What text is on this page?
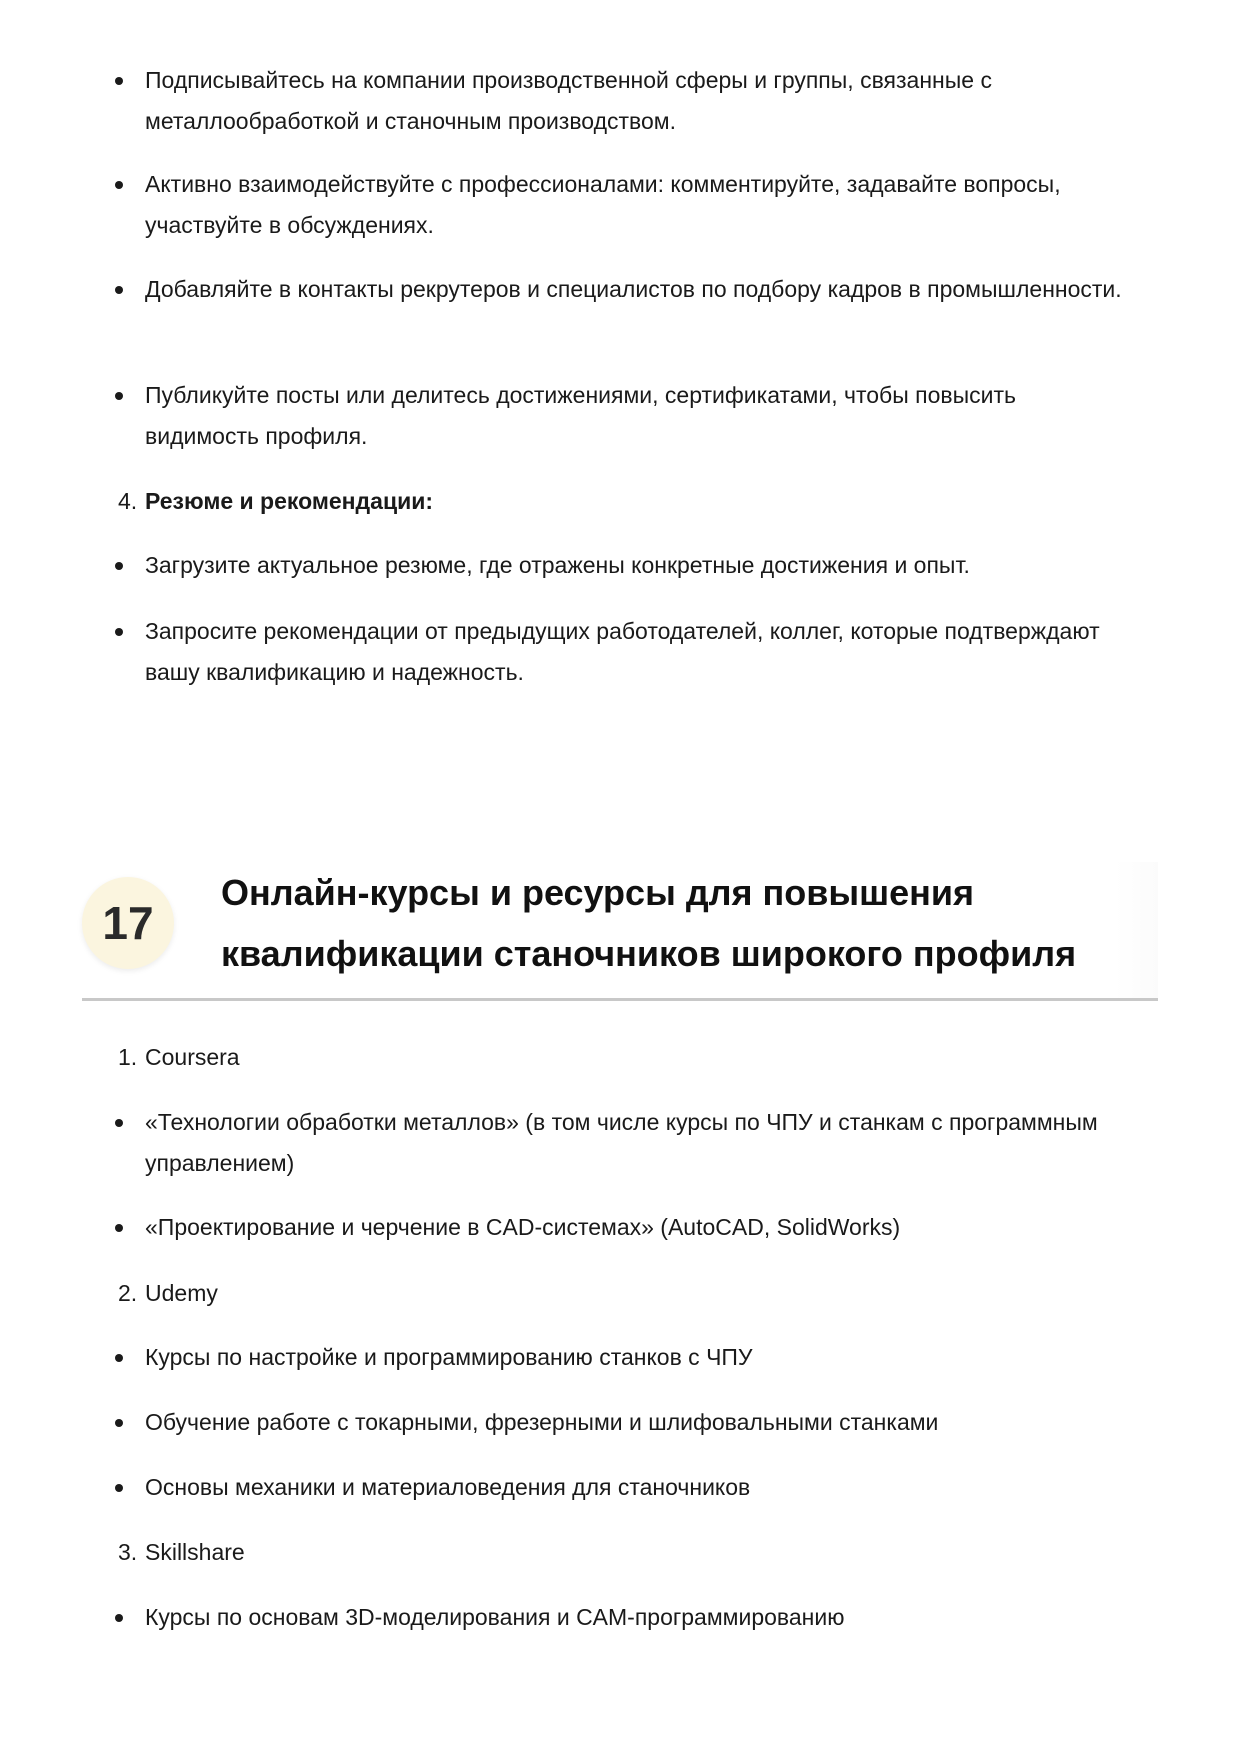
Подписывайтесь на компании производственной сферы и группы, связанные с металлообработкой и станочным производством.
Активно взаимодействуйте с профессионалами: комментируйте, задавайте вопросы, участвуйте в обсуждениях.
Добавляйте в контакты рекрутеров и специалистов по подбору кадров в промышленности.
Публикуйте посты или делитесь достижениями, сертификатами, чтобы повысить видимость профиля.
4. Резюме и рекомендации:
Загрузите актуальное резюме, где отражены конкретные достижения и опыт.
Запросите рекомендации от предыдущих работодателей, коллег, которые подтверждают вашу квалификацию и надежность.
17
Онлайн-курсы и ресурсы для повышения
квалификации станочников широкого профиля
1. Coursera
«Технологии обработки металлов» (в том числе курсы по ЧПУ и станкам с программным управлением)
«Проектирование и черчение в CAD-системах» (AutoCAD, SolidWorks)
2. Udemy
Курсы по настройке и программированию станков с ЧПУ
Обучение работе с токарными, фрезерными и шлифовальными станками
Основы механики и материаловедения для станочников
3. Skillshare
Курсы по основам 3D-моделирования и CAM-программированию
